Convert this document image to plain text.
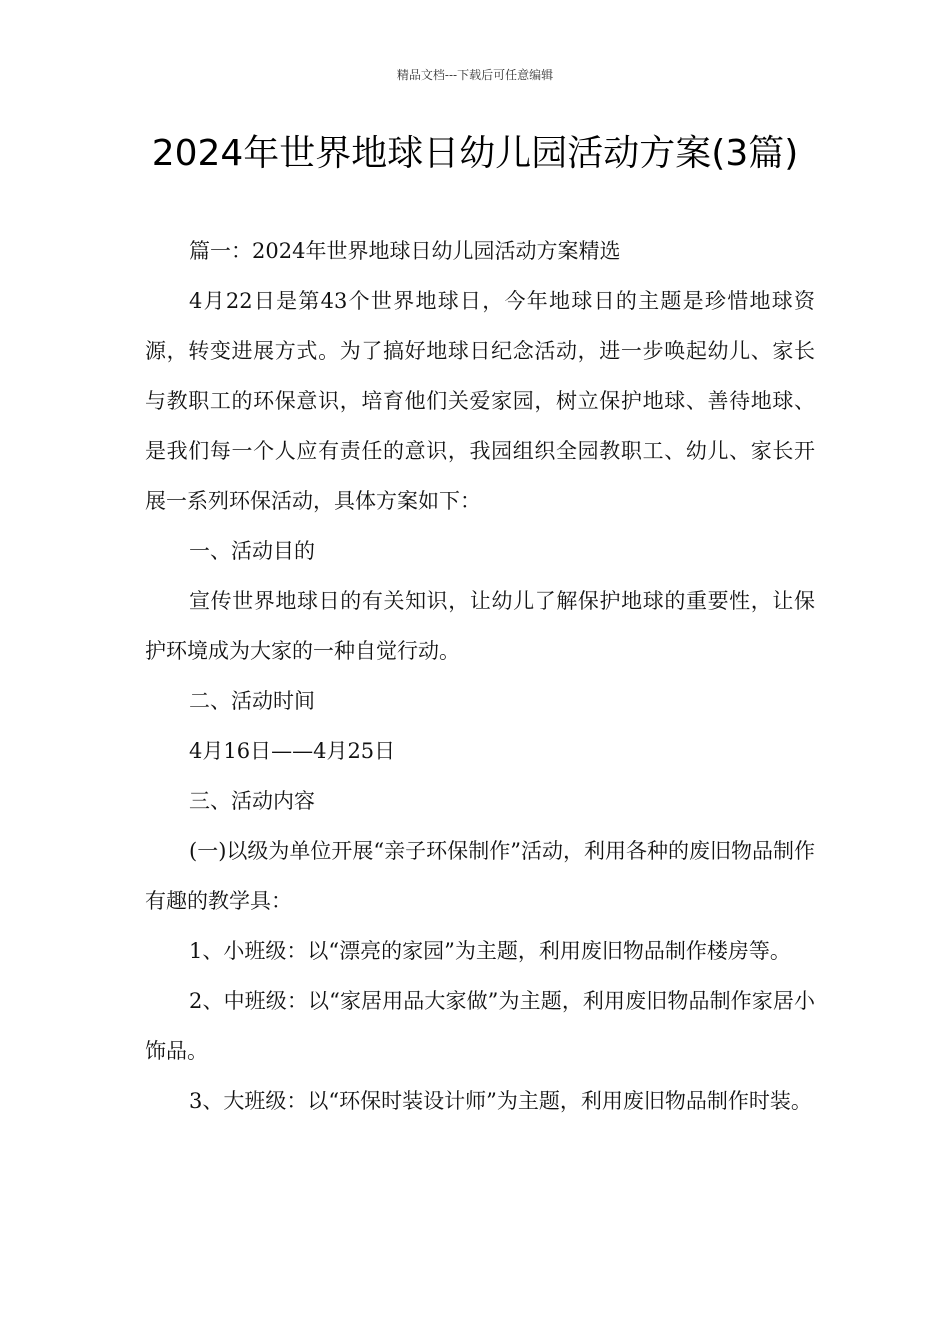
精品文档---下载后可任意编辑
2024年世界地球日幼儿园活动方案(3篇)

篇一：2024年世界地球日幼儿园活动方案精选

4月22日是第43个世界地球日，今年地球日的主题是珍惜地球资源，转变进展方式。为了搞好地球日纪念活动，进一步唤起幼儿、家长与教职工的环保意识，培育他们关爱家园，树立保护地球、善待地球、是我们每一个人应有责任的意识，我园组织全园教职工、幼儿、家长开展一系列环保活动，具体方案如下：

一、活动目的

宣传世界地球日的有关知识，让幼儿了解保护地球的重要性，让保护环境成为大家的一种自觉行动。

二、活动时间

4月16日——4月25日

三、活动内容

(一)以级为单位开展“亲子环保制作”活动，利用各种的废旧物品制作有趣的教学具：

1、小班级：以“漂亮的家园”为主题，利用废旧物品制作楼房等。

2、中班级：以“家居用品大家做”为主题，利用废旧物品制作家居小饰品。

3、大班级：以“环保时装设计师”为主题，利用废旧物品制作时装。
